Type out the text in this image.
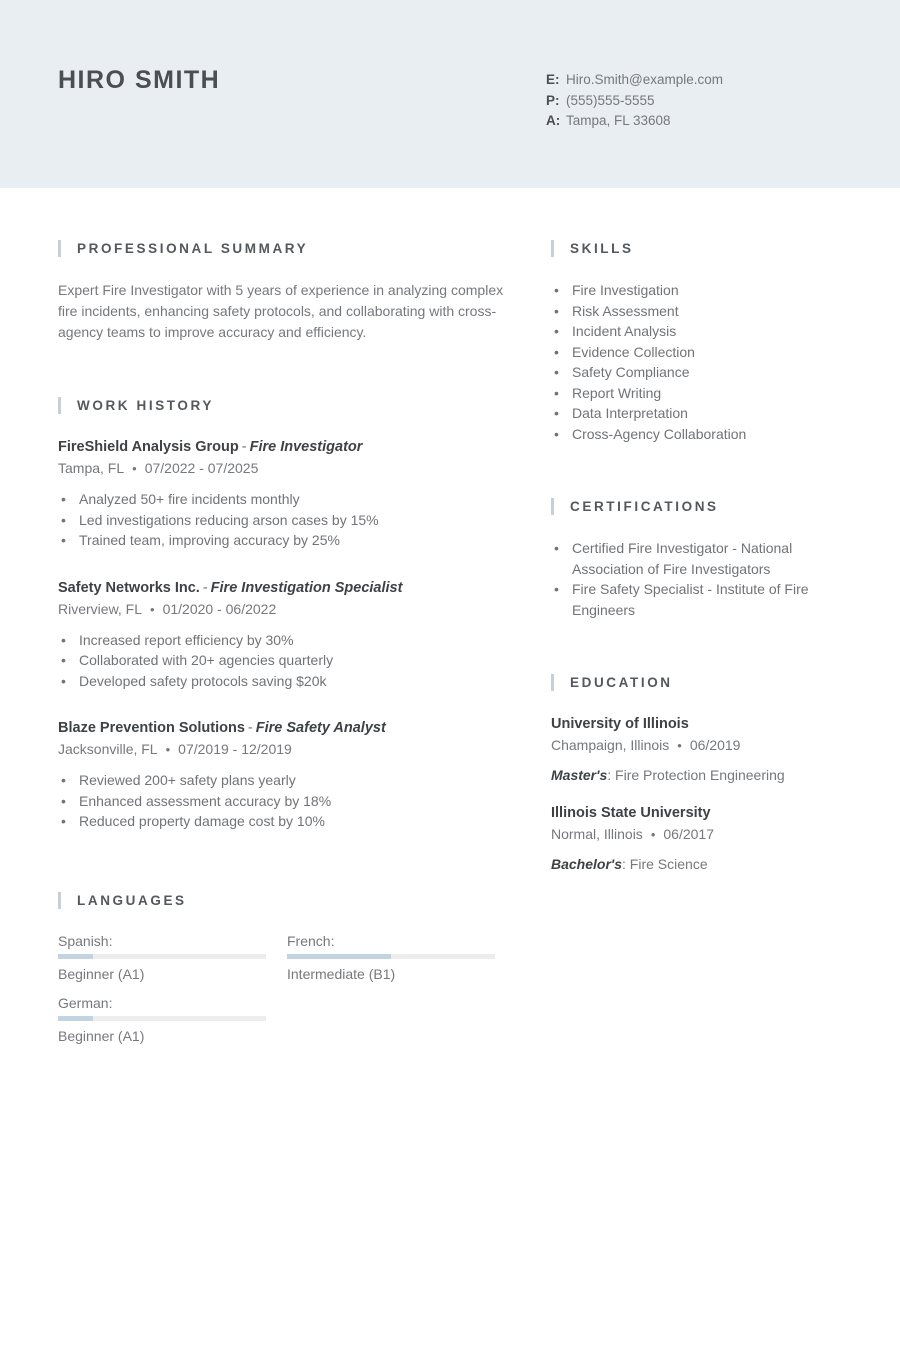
HIRO SMITH	E: Hiro.Smith@example.com
P: (555)555-5555
A: Tampa, FL 33608
PROFESSIONAL SUMMARY

Expert Fire Investigator with 5 years of experience in analyzing complex fire incidents, enhancing safety protocols, and collaborating with cross-agency teams to improve accuracy and efficiency.

WORK HISTORY
FireShield Analysis Group - Fire Investigator
Tampa, FL • 07/2022 - 07/2025
• Analyzed 50+ fire incidents monthly
• Led investigations reducing arson cases by 15%
• Trained team, improving accuracy by 25%
Safety Networks Inc. - Fire Investigation Specialist
Riverview, FL • 01/2020 - 06/2022
• Increased report efficiency by 30%
• Collaborated with 20+ agencies quarterly
• Developed safety protocols saving $20k
Blaze Prevention Solutions - Fire Safety Analyst
Jacksonville, FL • 07/2019 - 12/2019
• Reviewed 200+ safety plans yearly
• Enhanced assessment accuracy by 18%
• Reduced property damage cost by 10%
LANGUAGES
Spanish:
Beginner (A1)
French:
Intermediate (B1)
German:
Beginner (A1)
SKILLS
• Fire Investigation
• Risk Assessment
• Incident Analysis
• Evidence Collection
• Safety Compliance
• Report Writing
• Data Interpretation
• Cross-Agency Collaboration
CERTIFICATIONS
• Certified Fire Investigator - National Association of Fire Investigators
• Fire Safety Specialist - Institute of Fire Engineers
EDUCATION
University of Illinois
Champaign, Illinois • 06/2019
Master's: Fire Protection Engineering
Illinois State University
Normal, Illinois • 06/2017
Bachelor's: Fire Science
